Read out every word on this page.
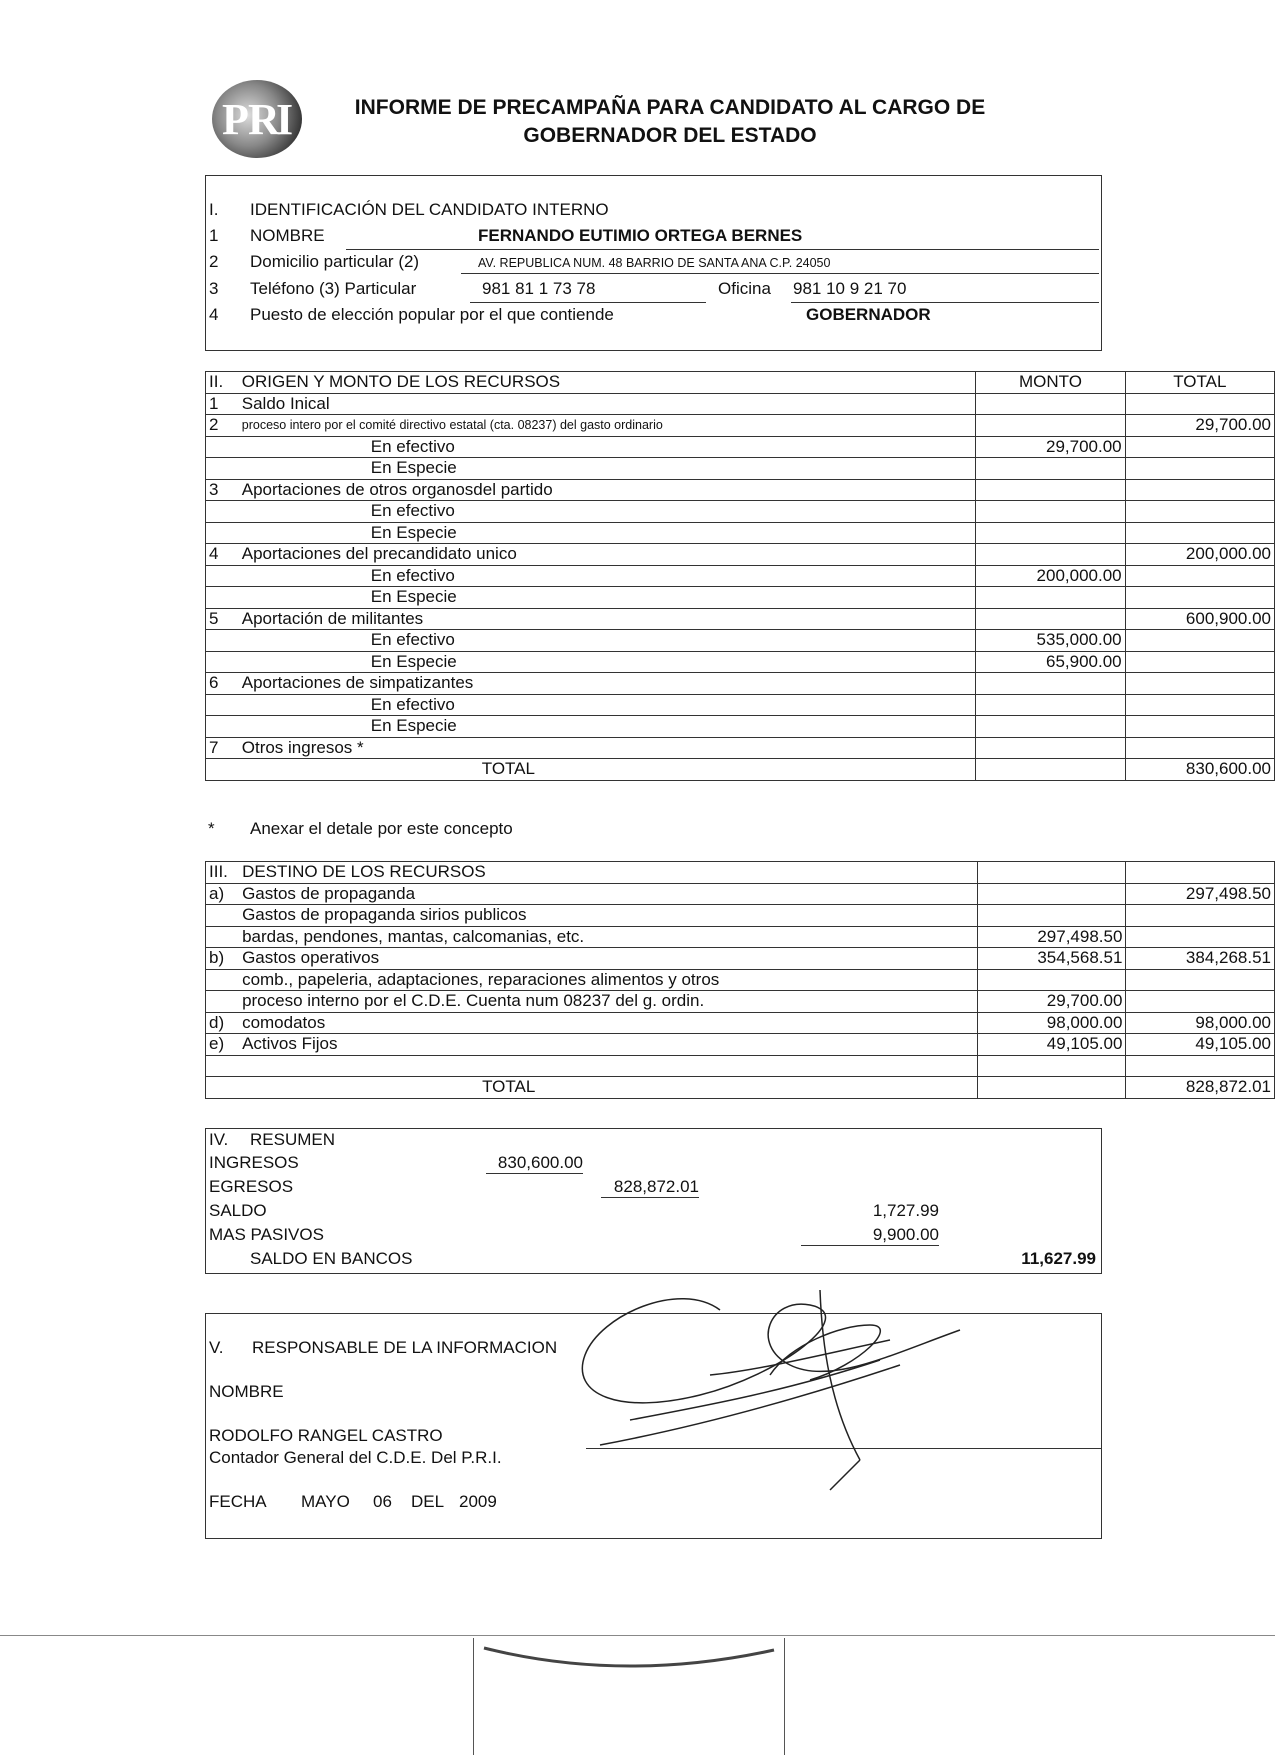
P R
I	INFORME DE PRECAMPAÑA PARA CANDIDATO AL CARGO DE
GOBERNADOR DEL ESTADO
I. IDENTIFICACIÓN DEL CANDIDATO INTERNO
1 NOMBRE	FERNANDO EUTIMIO ORTEGA BERNES
2 Domicilio particular (2)	AV. REPUBLICA NUM. 48 BARRIO DE SANTA ANA C.P. 24050
3 Teléfono (3) Particular	981 81 1 73 78	Oficina 981 10 9 21 70
4 Puesto de elección popular por el que contiende	GOBERNADOR
II.	ORIGEN Y MONTO DE LOS RECURSOS	MONTO	TOTAL
1	Saldo Inical		
2	proceso intero por el comité directivo estatal (cta. 08237) del gasto ordinario		29,700.00
	En efectivo	29,700.00	
	En Especie		
3	Aportaciones de otros organosdel partido		
	En efectivo		
	En Especie		
4	Aportaciones del precandidato unico		200,000.00
	En efectivo	200,000.00	
	En Especie		
5	Aportación de militantes		600,900.00
	En efectivo	535,000.00	
	En Especie	65,900.00	
6	Aportaciones de simpatizantes		
	En efectivo		
	En Especie		
7	Otros ingresos *		
	TOTAL		830,600.00
* Anexar el detale por este concepto
III.	DESTINO DE LOS RECURSOS		
a)	Gastos de propaganda		297,498.50
	Gastos de propaganda sirios publicos		
	bardas, pendones, mantas, calcomanias, etc.	297,498.50	
b)	Gastos operativos	354,568.51	384,268.51
	comb., papeleria, adaptaciones, reparaciones alimentos y otros		
	proceso interno por el C.D.E. Cuenta num 08237 del g. ordin.	29,700.00	
d)	comodatos	98,000.00	98,000.00
e)	Activos Fijos	49,105.00	49,105.00

	TOTAL		828,872.01
IV. RESUMEN
INGRESOS	830,600.00
EGRESOS	828,872.01
SALDO	1,727.99
MAS PASIVOS	9,900.00
SALDO EN BANCOS	11,627.99
V. RESPONSABLE DE LA INFORMACION
NOMBRE
RODOLFO RANGEL CASTRO
Contador General del C.D.E. Del P.R.I.
FECHA MAYO 06 DEL 2009
